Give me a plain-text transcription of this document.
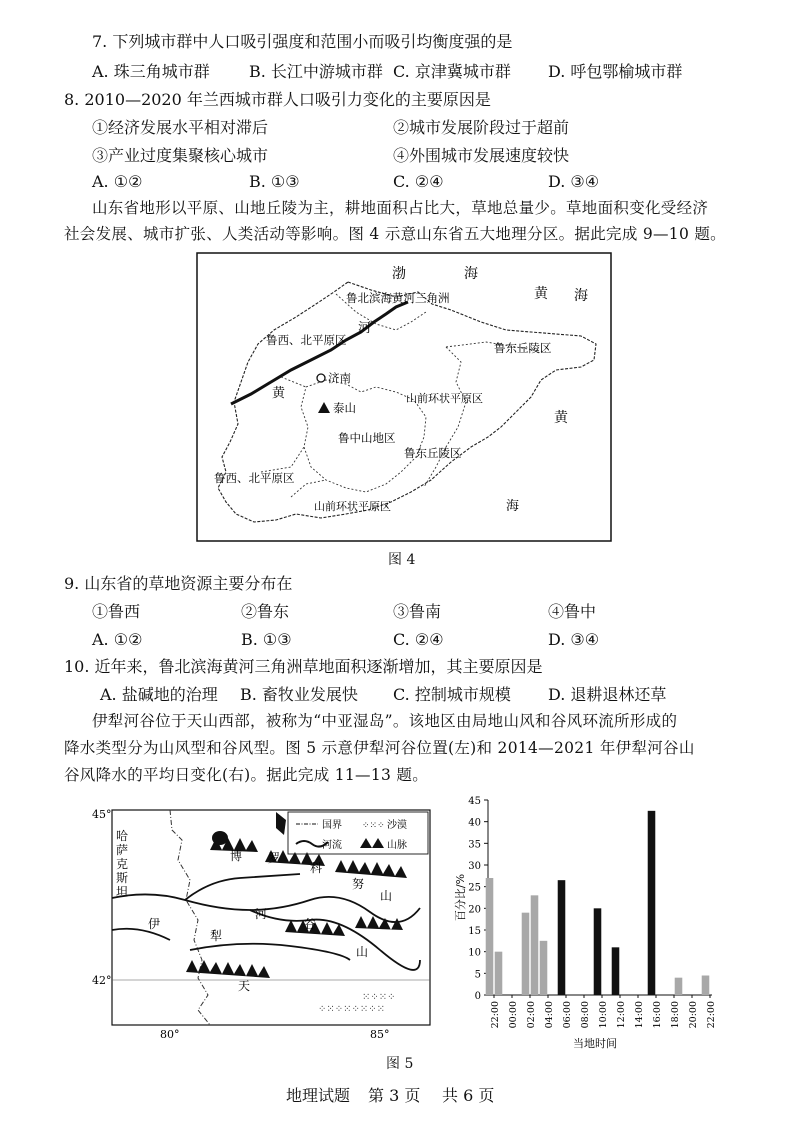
7. 下列城市群中人口吸引强度和范围小而吸引均衡度强的是
A. 珠三角城市群 B. 长江中游城市群 C. 京津冀城市群 D. 呼包鄂榆城市群
8. 2010—2020 年兰西城市群人口吸引力变化的主要原因是
①经济发展水平相对滞后	②城市发展阶段过于超前
③产业过度集聚核心城市	④外围城市发展速度较快
A. ①②	B. ①③	C. ②④	D. ③④
山东省地形以平原、山地丘陵为主，耕地面积占比大，草地总量少。草地面积变化受经济
社会发展、城市扩张、人类活动等影响。图 4 示意山东省五大地理分区。据此完成 9—10 题。
渤	海
黄 海
黄
海
河
黄
鲁北滨海黄河三角洲
鲁西、北平原区
鲁西、北平原区
鲁东丘陵区
鲁东丘陵区
济南
泰山
山前环状平原区
山前环状平原区
鲁中山地区
图 4
9. 山东省的草地资源主要分布在
①鲁西	②鲁东	③鲁南	④鲁中
A. ①②	B. ①③	C. ②④	D. ③④
10. 近年来，鲁北滨海黄河三角洲草地面积逐渐增加，其主要原因是
A. 盐碱地的治理 B. 畜牧业发展快 C. 控制城市规模 D. 退耕退林还草
伊犁河谷位于天山西部，被称为“中亚湿岛”。该地区由局地山风和谷风环流所形成的
降水类型分为山风型和谷风型。图 5 示意伊犁河谷位置(左)和 2014—2021 年伊犁河谷山
谷风降水的平均日变化(右)。据此完成 11—13 题。
国界 ⁘⁙⁘ 沙漠
河流	山脉
⁘⁙⁘⁙⁘⁙⁘⁙
⁙⁘⁙⁘
45°
42°
80°	85°
哈
萨
克
斯
坦
伊
犁
河
谷
博 罗
科
努
山
山
天
0
5
10
15
20
25
30
35
40
45
22:00 00:00 02:00 04:00 06:00 08:00 10:00 12:00 14:00 16:00 18:00 20:00 22:00
百分比/%
当地时间
图 5
地理试题 第 3 页 共 6 页
